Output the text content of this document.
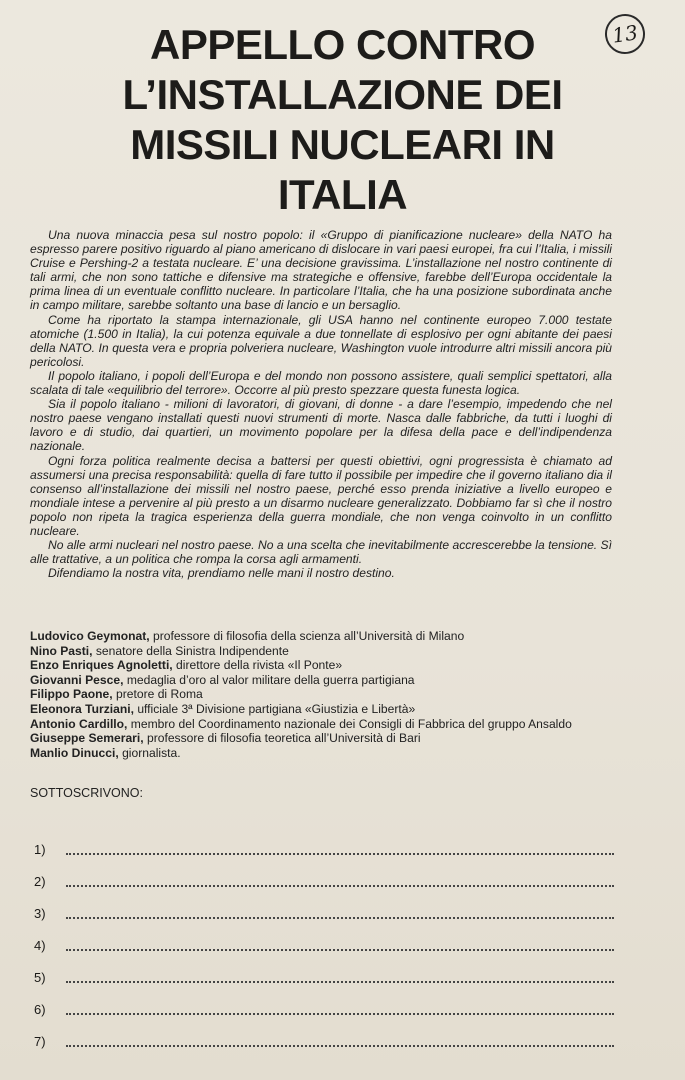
13
APPELLO CONTRO
L’INSTALLAZIONE DEI
MISSILI NUCLEARI IN
ITALIA

Una nuova minaccia pesa sul nostro popolo: il «Gruppo di pianificazione nucleare» della NATO ha espresso parere positivo riguardo al piano americano di dislocare in vari paesi europei, fra cui l’Italia, i missili Cruise e Pershing-2 a testata nucleare. E’ una decisione gravissima. L’installazione nel nostro continente di tali armi, che non sono tattiche e difensive ma strategiche e offensive, farebbe dell’Europa occidentale la prima linea di un eventuale conflitto nucleare. In particolare l’Italia, che ha una posizione subordinata anche in campo militare, sarebbe soltanto una base di lancio e un bersaglio.

Come ha riportato la stampa internazionale, gli USA hanno nel continente europeo 7.000 testate atomiche (1.500 in Italia), la cui potenza equivale a due tonnellate di esplosivo per ogni abitante dei paesi della NATO. In questa vera e propria polveriera nucleare, Washington vuole introdurre altri missili ancora più pericolosi.

Il popolo italiano, i popoli dell’Europa e del mondo non possono assistere, quali semplici spettatori, alla scalata di tale «equilibrio del terrore». Occorre al più presto spezzare questa funesta logica.

Sia il popolo italiano - milioni di lavoratori, di giovani, di donne - a dare l’esempio, impedendo che nel nostro paese vengano installati questi nuovi strumenti di morte. Nasca dalle fabbriche, da tutti i luoghi di lavoro e di studio, dai quartieri, un movimento popolare per la difesa della pace e dell’indipendenza nazionale.

Ogni forza politica realmente decisa a battersi per questi obiettivi, ogni progressista è chiamato ad assumersi una precisa responsabilità: quella di fare tutto il possibile per impedire che il governo italiano dia il consenso all’installazione dei missili nel nostro paese, perché esso prenda iniziative a livello europeo e mondiale intese a pervenire al più presto a un disarmo nucleare generalizzato. Dobbiamo far sì che il nostro popolo non ripeta la tragica esperienza della guerra mondiale, che non venga coinvolto in un conflitto nucleare.

No alle armi nucleari nel nostro paese. No a una scelta che inevitabilmente accrescerebbe la tensione. Sì alle trattative, a un politica che rompa la corsa agli armamenti.

Difendiamo la nostra vita, prendiamo nelle mani il nostro destino.

Ludovico Geymonat, professore di filosofia della scienza all’Università di Milano
Nino Pasti, senatore della Sinistra Indipendente
Enzo Enriques Agnoletti, direttore della rivista «Il Ponte»
Giovanni Pesce, medaglia d’oro al valor militare della guerra partigiana
Filippo Paone, pretore di Roma
Eleonora Turziani, ufficiale 3ª Divisione partigiana «Giustizia e Libertà»
Antonio Cardillo, membro del Coordinamento nazionale dei Consigli di Fabbrica del gruppo Ansaldo
Giuseppe Semerari, professore di filosofia teoretica all’Università di Bari
Manlio Dinucci, giornalista.
SOTTOSCRIVONO:
1)
2)
3)
4)
5)
6)
7)
